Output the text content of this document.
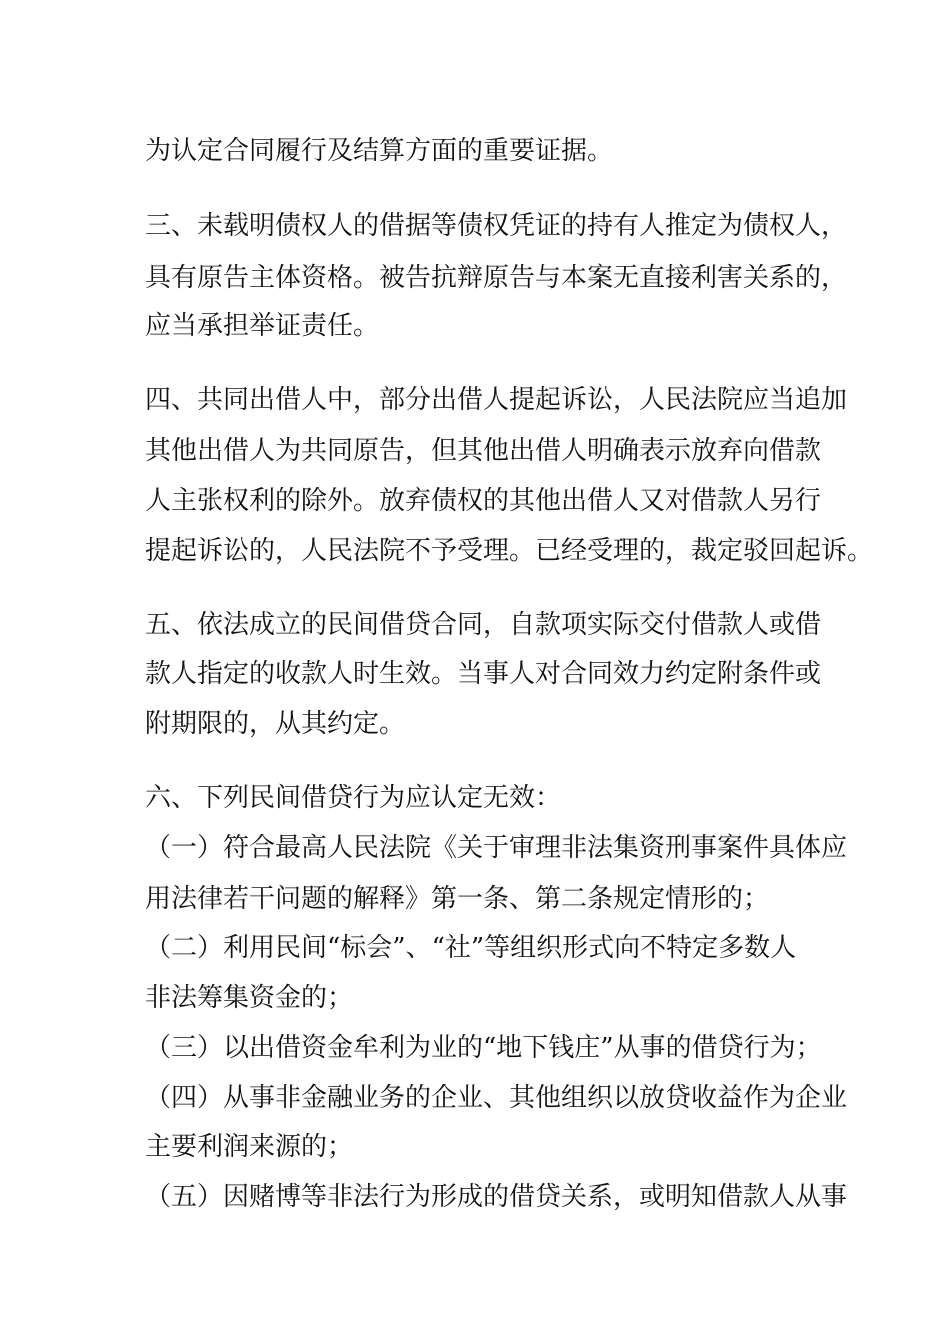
为认定合同履行及结算方面的重要证据。
三、未载明债权人的借据等债权凭证的持有人推定为债权人，
具有原告主体资格。被告抗辩原告与本案无直接利害关系的，
应当承担举证责任。
四、共同出借人中，部分出借人提起诉讼，人民法院应当追加
其他出借人为共同原告，但其他出借人明确表示放弃向借款
人主张权利的除外。放弃债权的其他出借人又对借款人另行
提起诉讼的，人民法院不予受理。已经受理的，裁定驳回起诉。
五、依法成立的民间借贷合同，自款项实际交付借款人或借
款人指定的收款人时生效。当事人对合同效力约定附条件或
附期限的，从其约定。
六、下列民间借贷行为应认定无效：
（一）符合最高人民法院《关于审理非法集资刑事案件具体应
用法律若干问题的解释》第一条、第二条规定情形的；
（二）利用民间“标会”、“社”等组织形式向不特定多数人
非法筹集资金的；
（三）以出借资金牟利为业的“地下钱庄”从事的借贷行为；
（四）从事非金融业务的企业、其他组织以放贷收益作为企业
主要利润来源的；
（五）因赌博等非法行为形成的借贷关系，或明知借款人从事
